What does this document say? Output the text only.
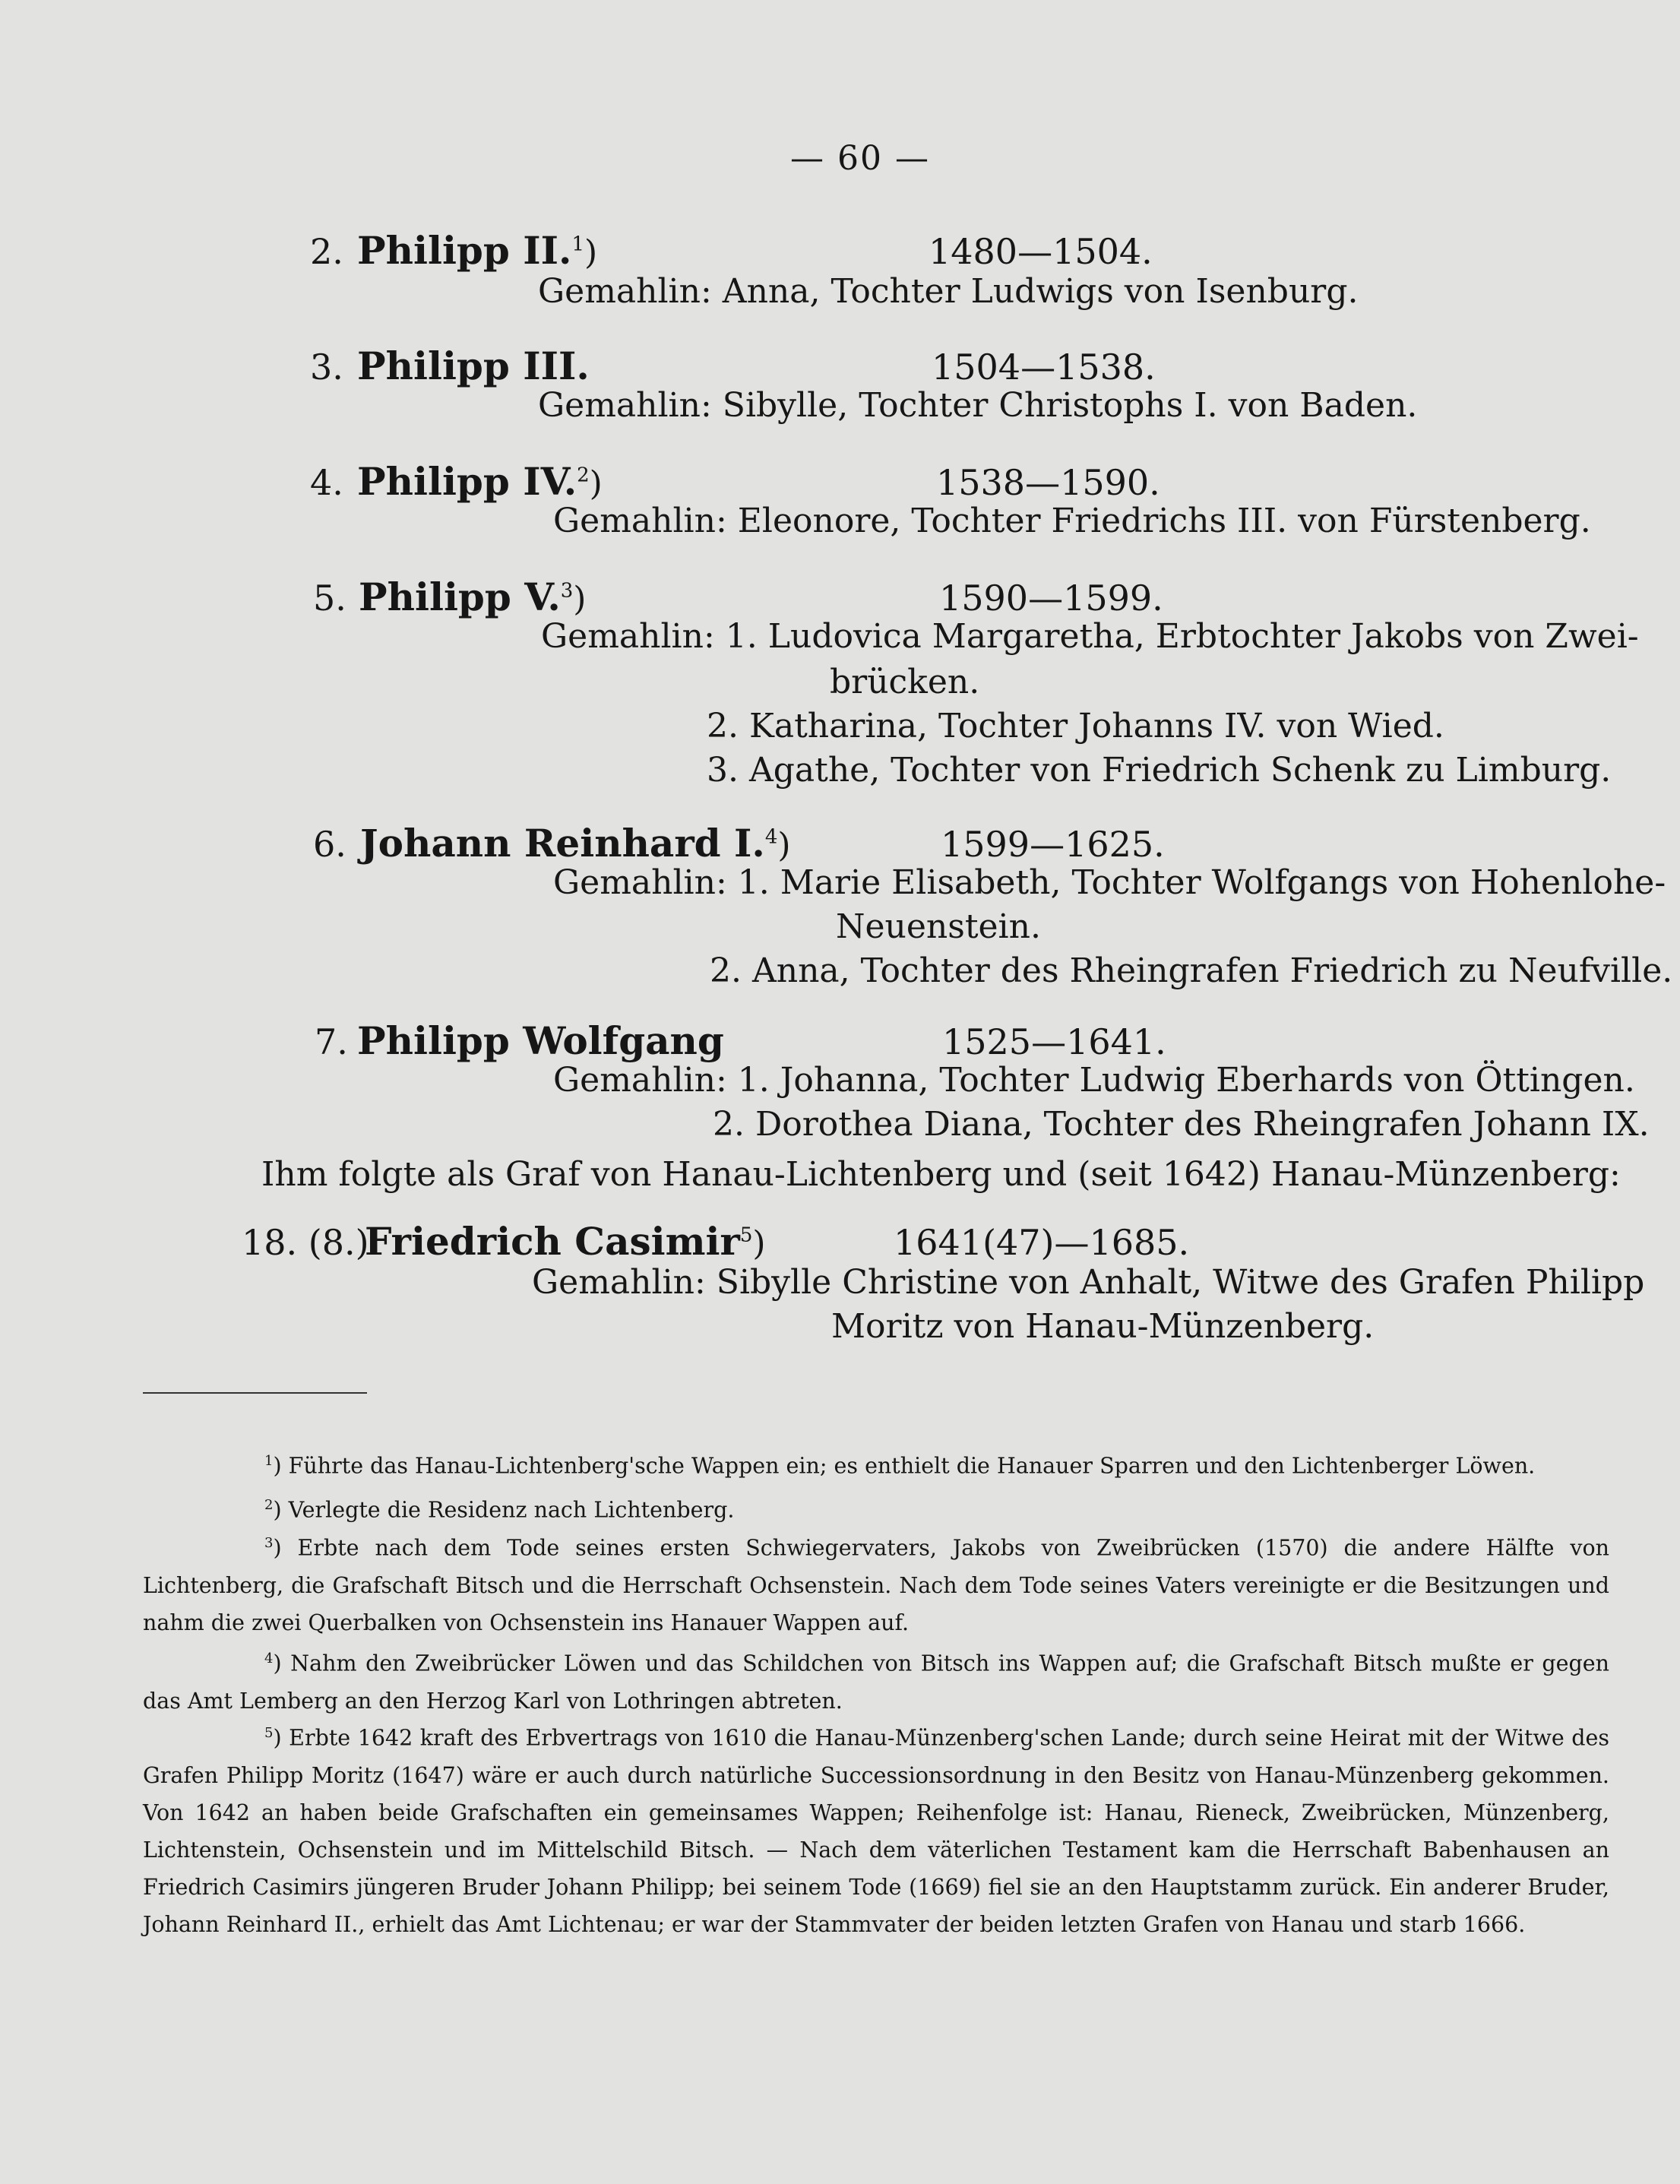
— 60 —
2. Philipp II.$^1$)	1480—1504.
Gemahlin: Anna, Tochter Ludwigs von Isenburg.
3. Philipp III.	1504—1538.
Gemahlin: Sibylle, Tochter Christophs I. von Baden.
4. Philipp IV.$^2$)	1538—1590.
Gemahlin: Eleonore, Tochter Friedrichs III. von Fürstenberg.
5. Philipp V.$^3$)	1590—1599.
Gemahlin: 1. Ludovica Margaretha, Erbtochter Jakobs von Zwei-
brücken.
2. Katharina, Tochter Johanns IV. von Wied.
3. Agathe, Tochter von Friedrich Schenk zu Limburg.
6. Johann Reinhard I.$^4$)	1599—1625.
Gemahlin: 1. Marie Elisabeth, Tochter Wolfgangs von Hohenlohe-
Neuenstein.
2. Anna, Tochter des Rheingrafen Friedrich zu Neufville.
7. Philipp Wolfgang	1525—1641.
Gemahlin: 1. Johanna, Tochter Ludwig Eberhards von Öttingen.
2. Dorothea Diana, Tochter des Rheingrafen Johann IX.
Ihm folgte als Graf von Hanau-Lichtenberg und (seit 1642) Hanau-Münzenberg:
18. (8.)
Friedrich Casimir$^5$)	1641(47)—1685.
Gemahlin: Sibylle Christine von Anhalt, Witwe des Grafen Philipp
Moritz von Hanau-Münzenberg.
$^1$) Führte das Hanau-Lichtenberg'sche Wappen ein; es enthielt die Hanauer Sparren und den Lichtenberger Löwen.
$^2$) Verlegte die Residenz nach Lichtenberg.
$^3$) Erbte nach dem Tode seines ersten Schwiegervaters, Jakobs von Zweibrücken (1570) die andere Hälfte von Lichtenberg, die Grafschaft Bitsch und die Herrschaft Ochsenstein. Nach dem Tode seines Vaters vereinigte er die Besitzungen und nahm die zwei Querbalken von Ochsenstein ins Hanauer Wappen auf.
$^4$) Nahm den Zweibrücker Löwen und das Schildchen von Bitsch ins Wappen auf; die Grafschaft Bitsch mußte er gegen das Amt Lemberg an den Herzog Karl von Lothringen abtreten.
$^5$) Erbte 1642 kraft des Erbvertrags von 1610 die Hanau-Münzenberg'schen Lande; durch seine Heirat mit der Witwe des Grafen Philipp Moritz (1647) wäre er auch durch natürliche Successionsordnung in den Besitz von Hanau-Münzenberg gekommen. Von 1642 an haben beide Grafschaften ein gemeinsames Wappen; Reihenfolge ist: Hanau, Rieneck, Zweibrücken, Münzenberg, Lichtenstein, Ochsenstein und im Mittelschild Bitsch. — Nach dem väterlichen Testament kam die Herrschaft Babenhausen an Friedrich Casimirs jüngeren Bruder Johann Philipp; bei seinem Tode (1669) fiel sie an den Hauptstamm zurück. Ein anderer Bruder, Johann Reinhard II., erhielt das Amt Lichtenau; er war der Stammvater der beiden letzten Grafen von Hanau und starb 1666.
